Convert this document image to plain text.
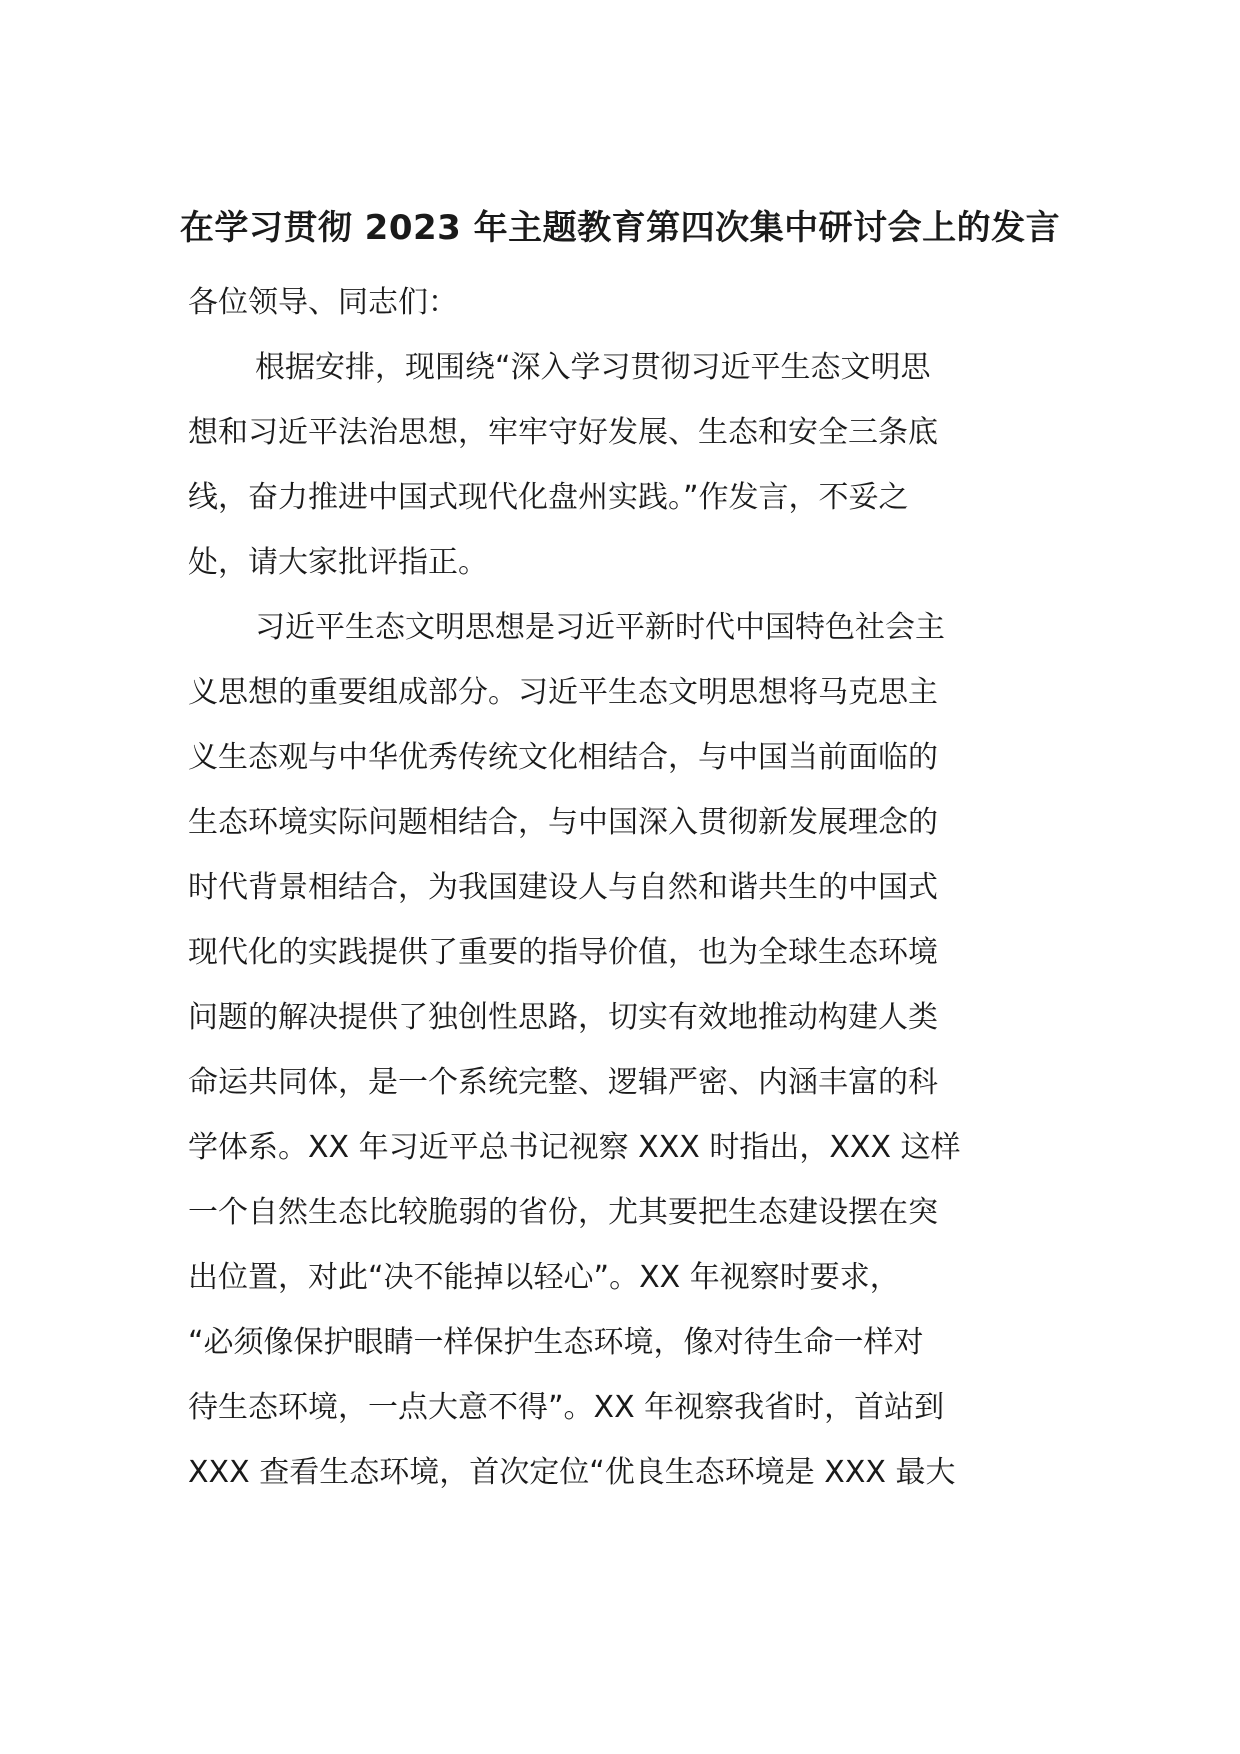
在学习贯彻 2023 年主题教育第四次集中研讨会上的发言
各位领导、同志们：
根据安排，现围绕“深入学习贯彻习近平生态文明思
想和习近平法治思想，牢牢守好发展、生态和安全三条底
线，奋力推进中国式现代化盘州实践。”作发言，不妥之
处，请大家批评指正。
习近平生态文明思想是习近平新时代中国特色社会主
义思想的重要组成部分。习近平生态文明思想将马克思主
义生态观与中华优秀传统文化相结合，与中国当前面临的
生态环境实际问题相结合，与中国深入贯彻新发展理念的
时代背景相结合，为我国建设人与自然和谐共生的中国式
现代化的实践提供了重要的指导价值，也为全球生态环境
问题的解决提供了独创性思路，切实有效地推动构建人类
命运共同体，是一个系统完整、逻辑严密、内涵丰富的科
学体系。XX 年习近平总书记视察 XXX 时指出，XXX 这样
一个自然生态比较脆弱的省份，尤其要把生态建设摆在突
出位置，对此“决不能掉以轻心”。XX 年视察时要求，
“必须像保护眼睛一样保护生态环境，像对待生命一样对
待生态环境，一点大意不得”。XX 年视察我省时，首站到
XXX 查看生态环境，首次定位“优良生态环境是 XXX 最大
